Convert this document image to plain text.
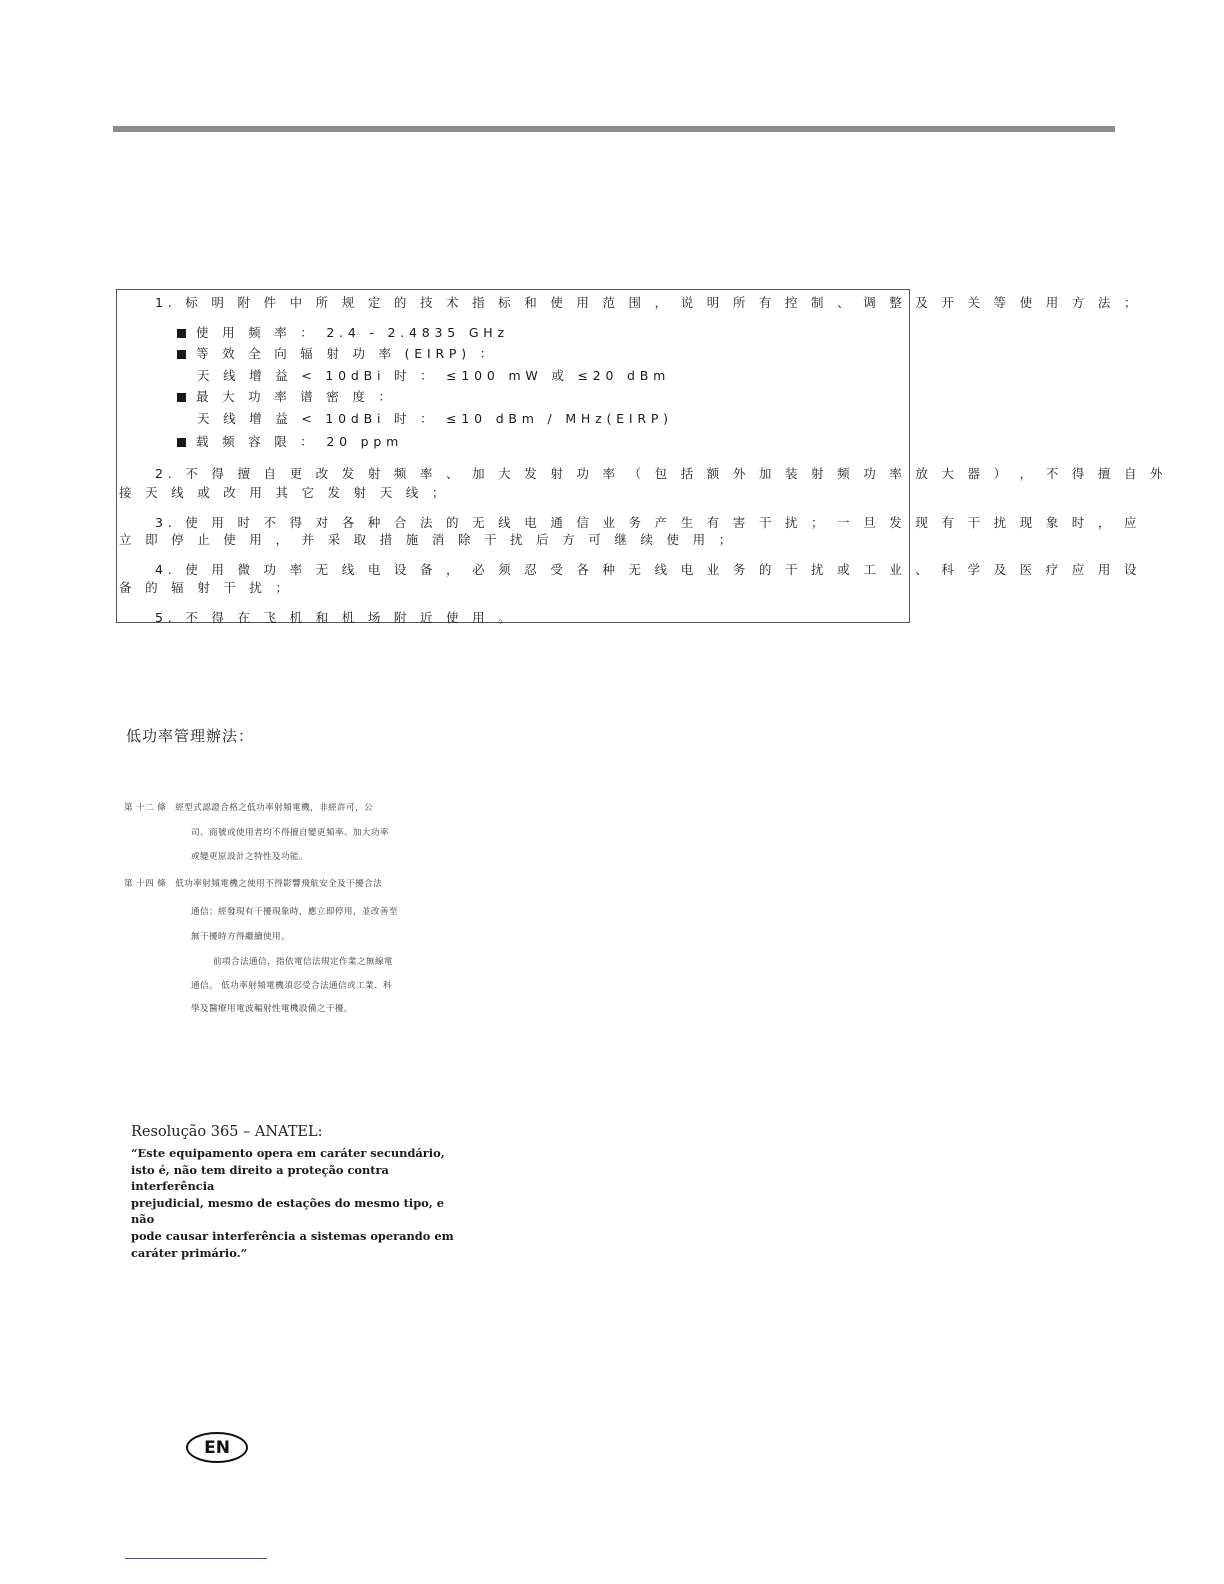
1. 标 明 附 件 中 所 规 定 的 技 术 指 标 和 使 用 范 围 ， 说 明 所 有 控 制 、 调 整 及 开 关 等 使 用 方 法 ；
使 用 频 率 ： 2.4 - 2.4835 GHz
等 效 全 向 辐 射 功 率 (EIRP) ：
天 线 增 益 < 10dBi 时 ： ≤100 mW 或 ≤20 dBm
最 大 功 率 谱 密 度 ：
天 线 增 益 < 10dBi 时 ： ≤10 dBm / MHz(EIRP)
载 频 容 限 ： 20 ppm
2. 不 得 擅 自 更 改 发 射 频 率 、 加 大 发 射 功 率 （ 包 括 额 外 加 装 射 频 功 率 放 大 器 ） ， 不 得 擅 自 外
接 天 线 或 改 用 其 它 发 射 天 线 ；
3. 使 用 时 不 得 对 各 种 合 法 的 无 线 电 通 信 业 务 产 生 有 害 干 扰 ； 一 旦 发 现 有 干 扰 现 象 时 ， 应
立 即 停 止 使 用 ， 并 采 取 措 施 消 除 干 扰 后 方 可 继 续 使 用 ；
4. 使 用 微 功 率 无 线 电 设 备 ， 必 须 忍 受 各 种 无 线 电 业 务 的 干 扰 或 工 业 、 科 学 及 医 疗 应 用 设
备 的 辐 射 干 扰 ；
5. 不 得 在 飞 机 和 机 场 附 近 使 用 。
低功率管理辦法：
第 十二 條　經型式認證合格之低功率射頻電機，非經許可，公
司、商號或使用者均不得擅自變更頻率、加大功率
或變更原設計之特性及功能。
第 十四 條　低功率射頻電機之使用不得影響飛航安全及干擾合法
通信；經發現有干擾現象時，應立即停用，並改善至
無干擾時方得繼續使用。
前項合法通信，指依電信法規定作業之無線電
通信。 低功率射頻電機須忍受合法通信或工業、科
學及醫療用電波輻射性電機設備之干擾。
Resolução 365 – ANATEL:
“Este equipamento opera em caráter secundário,
isto é, não tem direito a proteção contra interferência
prejudicial, mesmo de estações do mesmo tipo, e não
pode causar interferência a sistemas operando em
caráter primário.”
EN
